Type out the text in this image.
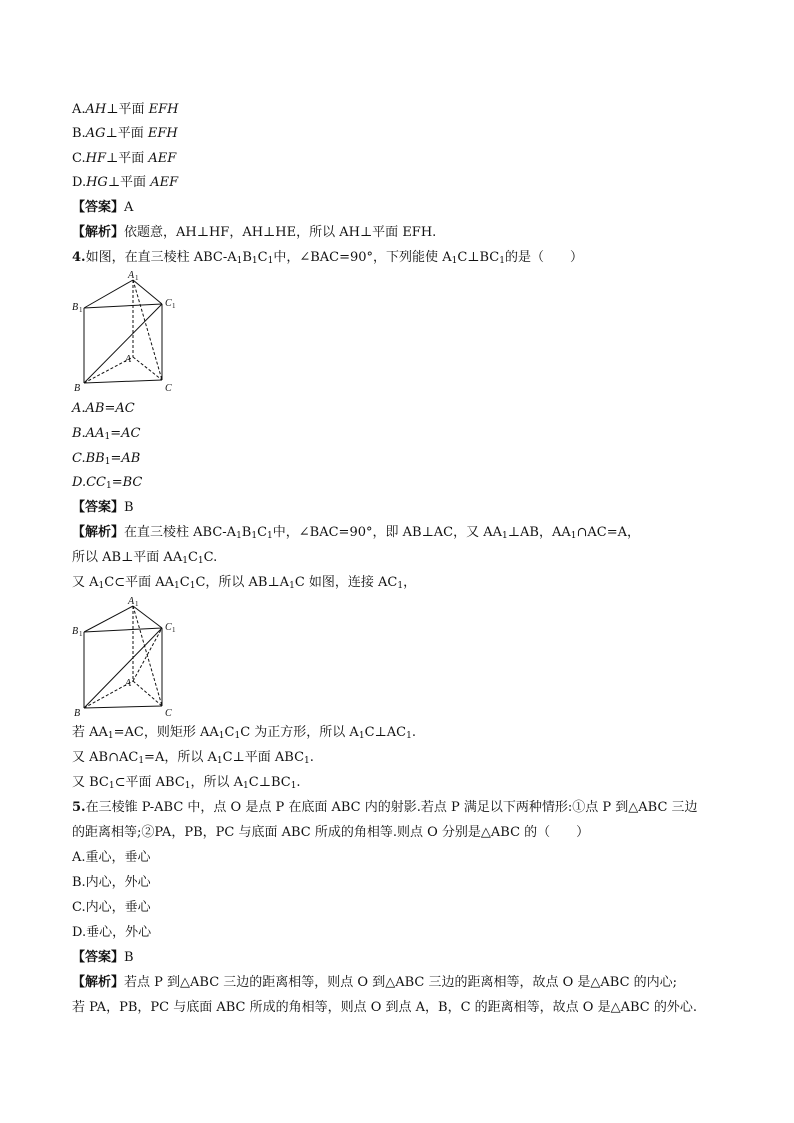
A.AH⊥平面 EFH
B.AG⊥平面 EFH
C.HF⊥平面 AEF
D.HG⊥平面 AEF
【答案】A
【解析】依题意，AH⊥HF，AH⊥HE，所以 AH⊥平面 EFH.
4.如图，在直三棱柱 ABC-$A_1B_1C_1$中，∠BAC=90°，下列能使 $A_1C\perp BC_1$的是（　　）
A 1
B 1
C 1
A
B	C
A.AB=AC
$B.AA_1=AC$
$C.BB_1=AB$
$D.CC_1=BC$
【答案】B
【解析】在直三棱柱 ABC-$A_1B_1C_1$中，∠BAC=90°，即 AB⊥AC，又 $AA_1\perp AB$，$AA_1\cap AC=A$，
所以 AB⊥平面 $AA_1C_1C$.
又 $A_1C\subset$平面 $AA_1C_1C$，所以 $AB\perp A_1C$ 如图，连接 $AC_1$，
A 1
B 1
C 1
A
B	C
若 $AA_1=AC$，则矩形 $AA_1C_1C$ 为正方形，所以 $A_1C\perp AC_1$.
又 $AB\cap AC_1=A$，所以 $A_1C\perp$平面 $ABC_1$.
又 $BC_1\subset$平面 $ABC_1$，所以 $A_1C\perp BC_1$.
5.在三棱锥 P-ABC 中，点 O 是点 P 在底面 ABC 内的射影.若点 P 满足以下两种情形:①点 P 到△ABC 三边
的距离相等;②PA，PB，PC 与底面 ABC 所成的角相等.则点 O 分别是△ABC 的（　　）
A.重心，垂心
B.内心，外心
C.内心，垂心
D.垂心，外心
【答案】B
【解析】若点 P 到△ABC 三边的距离相等，则点 O 到△ABC 三边的距离相等，故点 O 是△ABC 的内心;
若 PA，PB，PC 与底面 ABC 所成的角相等，则点 O 到点 A，B，C 的距离相等，故点 O 是△ABC 的外心.
